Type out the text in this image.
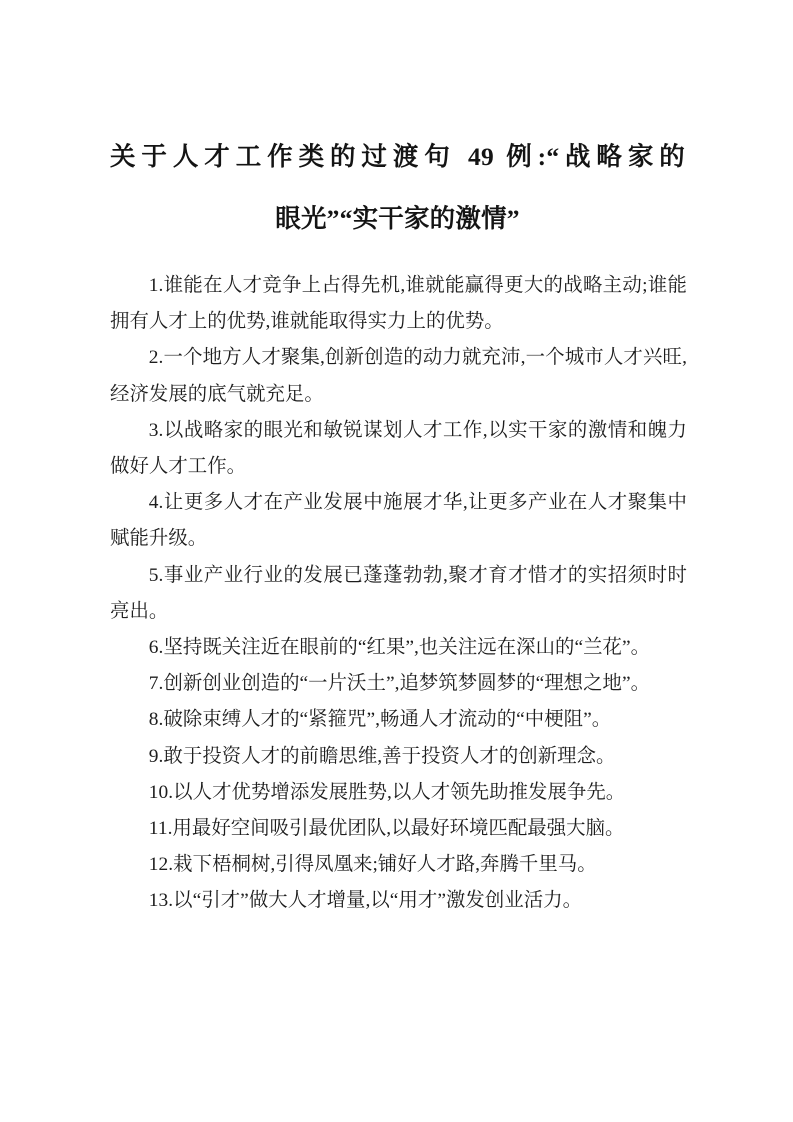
关于人才工作类的过渡句 49 例:“战略家的
眼光”“实干家的激情”

1.谁能在人才竞争上占得先机,谁就能赢得更大的战略主动;谁能拥有人才上的优势,谁就能取得实力上的优势。

2.一个地方人才聚集,创新创造的动力就充沛,一个城市人才兴旺,经济发展的底气就充足。

3.以战略家的眼光和敏锐谋划人才工作,以实干家的激情和魄力做好人才工作。

4.让更多人才在产业发展中施展才华,让更多产业在人才聚集中赋能升级。

5.事业产业行业的发展已蓬蓬勃勃,聚才育才惜才的实招须时时亮出。

6.坚持既关注近在眼前的“红果”,也关注远在深山的“兰花”。

7.创新创业创造的“一片沃土”,追梦筑梦圆梦的“理想之地”。

8.破除束缚人才的“紧箍咒”,畅通人才流动的“中梗阻”。

9.敢于投资人才的前瞻思维,善于投资人才的创新理念。

10.以人才优势增添发展胜势,以人才领先助推发展争先。

11.用最好空间吸引最优团队,以最好环境匹配最强大脑。

12.栽下梧桐树,引得凤凰来;铺好人才路,奔腾千里马。

13.以“引才”做大人才增量,以“用才”激发创业活力。
